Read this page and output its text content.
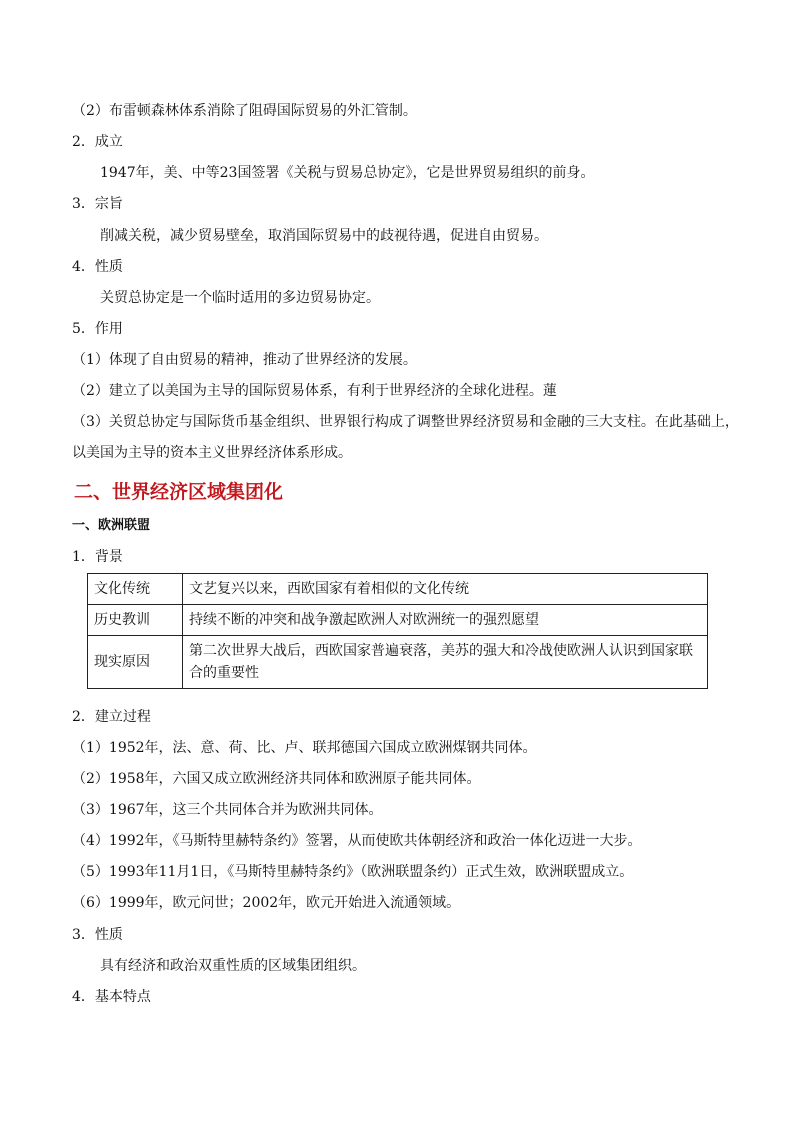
（2）布雷顿森林体系消除了阻碍国际贸易的外汇管制。
2．成立
1947年，美、中等23国签署《关税与贸易总协定》，它是世界贸易组织的前身。
3．宗旨
削减关税，减少贸易壁垒，取消国际贸易中的歧视待遇，促进自由贸易。
4．性质
关贸总协定是一个临时适用的多边贸易协定。
5．作用
（1）体现了自由贸易的精神，推动了世界经济的发展。
（2）建立了以美国为主导的国际贸易体系，有利于世界经济的全球化进程。蓮
（3）关贸总协定与国际货币基金组织、世界银行构成了调整世界经济贸易和金融的三大支柱。在此基础上，
以美国为主导的资本主义世界经济体系形成。
二、世界经济区域集团化
一、欧洲联盟
1．背景
文化传统	文艺复兴以来，西欧国家有着相似的文化传统
历史教训	持续不断的冲突和战争激起欧洲人对欧洲统一的强烈愿望
现实原因	第二次世界大战后，西欧国家普遍衰落，美苏的强大和冷战使欧洲人认识到国家联合的重要性
2．建立过程
（1）1952年，法、意、荷、比、卢、联邦德国六国成立欧洲煤钢共同体。
（2）1958年，六国又成立欧洲经济共同体和欧洲原子能共同体。
（3）1967年，这三个共同体合并为欧洲共同体。
（4）1992年，《马斯特里赫特条约》签署，从而使欧共体朝经济和政治一体化迈进一大步。
（5）1993年11月1日，《马斯特里赫特条约》（欧洲联盟条约）正式生效，欧洲联盟成立。
（6）1999年，欧元问世；2002年，欧元开始进入流通领域。
3．性质
具有经济和政治双重性质的区域集团组织。
4．基本特点
